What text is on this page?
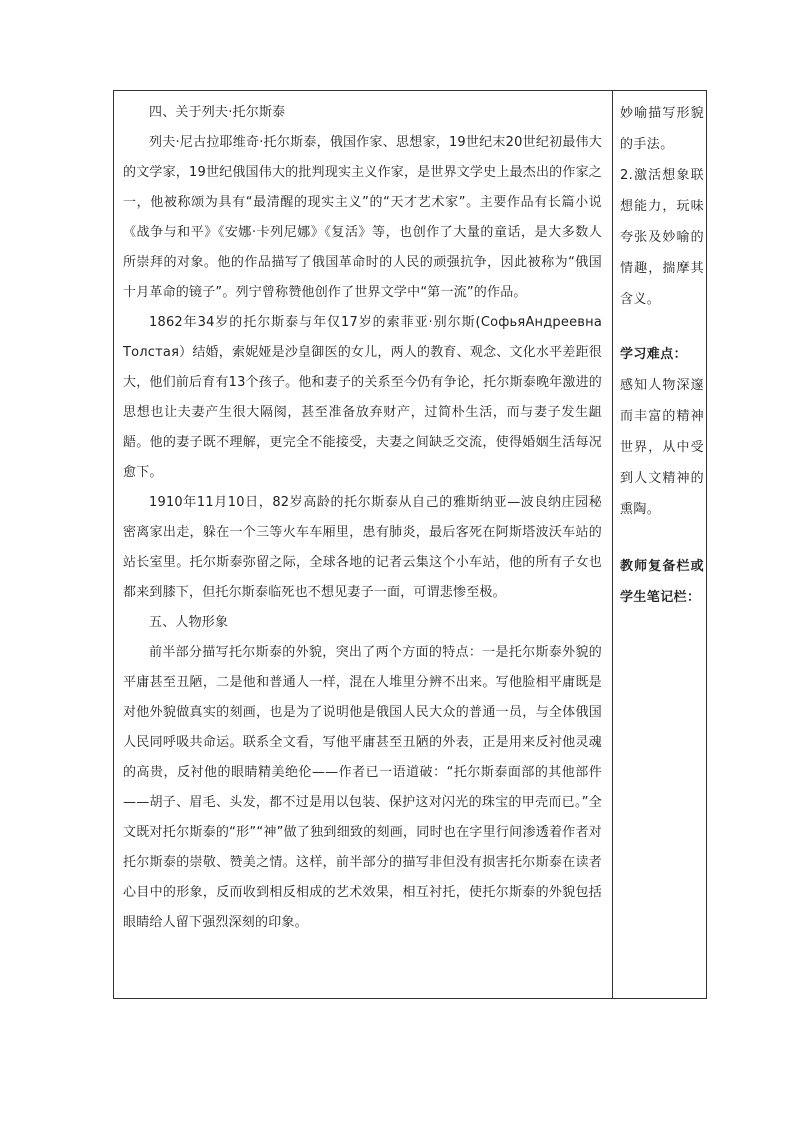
四、关于列夫·托尔斯泰

列夫·尼古拉耶维奇·托尔斯泰，俄国作家、思想家，19世纪末20世纪初最伟大的文学家，19世纪俄国伟大的批判现实主义作家，是世界文学史上最杰出的作家之一，他被称颂为具有“最清醒的现实主义”的“天才艺术家”。主要作品有长篇小说《战争与和平》《安娜·卡列尼娜》《复活》等，也创作了大量的童话，是大多数人所崇拜的对象。他的作品描写了俄国革命时的人民的顽强抗争，因此被称为“俄国十月革命的镜子”。列宁曾称赞他创作了世界文学中“第一流”的作品。

1862年34岁的托尔斯泰与年仅17岁的索菲亚·别尔斯(СофьяАндреевна Толстая）结婚，索妮娅是沙皇御医的女儿，两人的教育、观念、文化水平差距很大，他们前后育有13个孩子。他和妻子的关系至今仍有争论，托尔斯泰晚年激进的思想也让夫妻产生很大隔阂，甚至准备放弃财产，过简朴生活，而与妻子发生龃龉。他的妻子既不理解，更完全不能接受，夫妻之间缺乏交流，使得婚姻生活每况愈下。

1910年11月10日，82岁高龄的托尔斯泰从自己的雅斯纳亚—波良纳庄园秘密离家出走，躲在一个三等火车车厢里，患有肺炎，最后客死在阿斯塔波沃车站的站长室里。托尔斯泰弥留之际，全球各地的记者云集这个小车站，他的所有子女也都来到膝下，但托尔斯泰临死也不想见妻子一面，可谓悲惨至极。

五、人物形象

前半部分描写托尔斯泰的外貌，突出了两个方面的特点：一是托尔斯泰外貌的平庸甚至丑陋，二是他和普通人一样，混在人堆里分辨不出来。写他脸相平庸既是对他外貌做真实的刻画，也是为了说明他是俄国人民大众的普通一员，与全体俄国人民同呼吸共命运。联系全文看，写他平庸甚至丑陋的外表，正是用来反衬他灵魂的高贵，反衬他的眼睛精美绝伦——作者已一语道破：“托尔斯泰面部的其他部件——胡子、眉毛、头发，都不过是用以包装、保护这对闪光的珠宝的甲壳而已。”全文既对托尔斯泰的“形”“神”做了独到细致的刻画，同时也在字里行间渗透着作者对托尔斯泰的崇敬、赞美之情。这样，前半部分的描写非但没有损害托尔斯泰在读者心目中的形象，反而收到相反相成的艺术效果，相互衬托，使托尔斯泰的外貌包括眼睛给人留下强烈深刻的印象。

妙喻描写形貌的手法。

2.激活想象联想能力，玩味夸张及妙喻的情趣，揣摩其含义。

学习难点：

感知人物深邃而丰富的精神世界，从中受到人文精神的熏陶。

教师复备栏或学生笔记栏：
